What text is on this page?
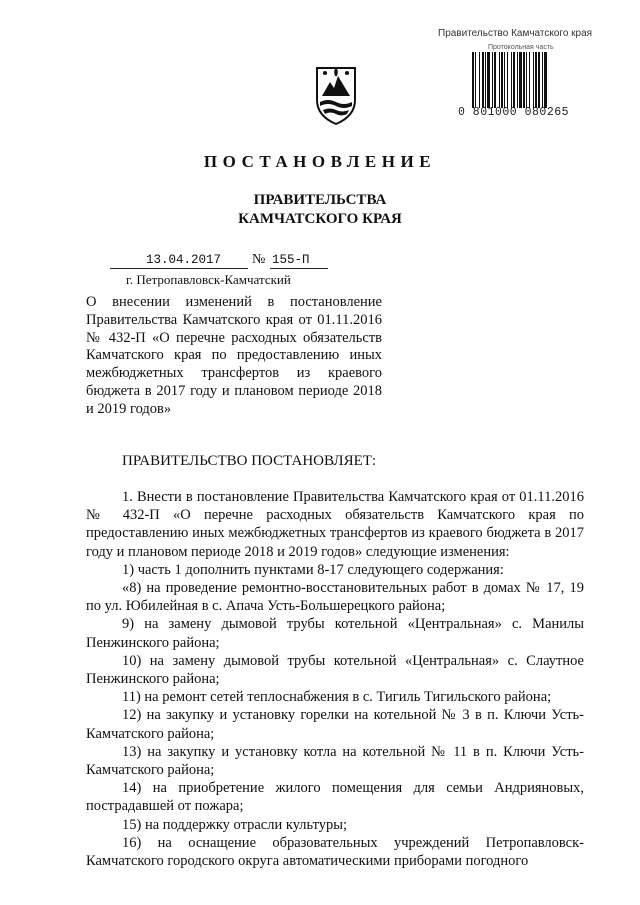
Правительство Камчатского края
Протокольная часть
0 801000 080265
ПОСТАНОВЛЕНИЕ
ПРАВИТЕЛЬСТВА
КАМЧАТСКОГО КРАЯ
13.04.2017 № 155-П
г. Петропавловск-Камчатский
О внесении изменений в постановление Правительства Камчатского края от 01.11.2016 № 432-П «О перечне расходных обязательств Камчатского края по предоставлению иных межбюджетных трансфертов из краевого бюджета в 2017 году и плановом периоде 2018 и 2019 годов»
ПРАВИТЕЛЬСТВО ПОСТАНОВЛЯЕТ:

1. Внести в постановление Правительства Камчатского края от 01.11.2016 № 432-П «О перечне расходных обязательств Камчатского края по предоставлению иных межбюджетных трансфертов из краевого бюджета в 2017 году и плановом периоде 2018 и 2019 годов» следующие изменения:

1) часть 1 дополнить пунктами 8-17 следующего содержания:

«8) на проведение ремонтно-восстановительных работ в домах № 17, 19 по ул. Юбилейная в с. Апача Усть-Большерецкого района;

9) на замену дымовой трубы котельной «Центральная» с. Манилы Пенжинского района;

10) на замену дымовой трубы котельной «Центральная» с. Слаутное Пенжинского района;

11) на ремонт сетей теплоснабжения в с. Тигиль Тигильского района;

12) на закупку и установку горелки на котельной № 3 в п. Ключи Усть-Камчатского района;

13) на закупку и установку котла на котельной № 11 в п. Ключи Усть-Камчатского района;

14) на приобретение жилого помещения для семьи Андрияновых, пострадавшей от пожара;

15) на поддержку отрасли культуры;

16) на оснащение образовательных учреждений Петропавловск-Камчатского городского округа автоматическими приборами погодного
